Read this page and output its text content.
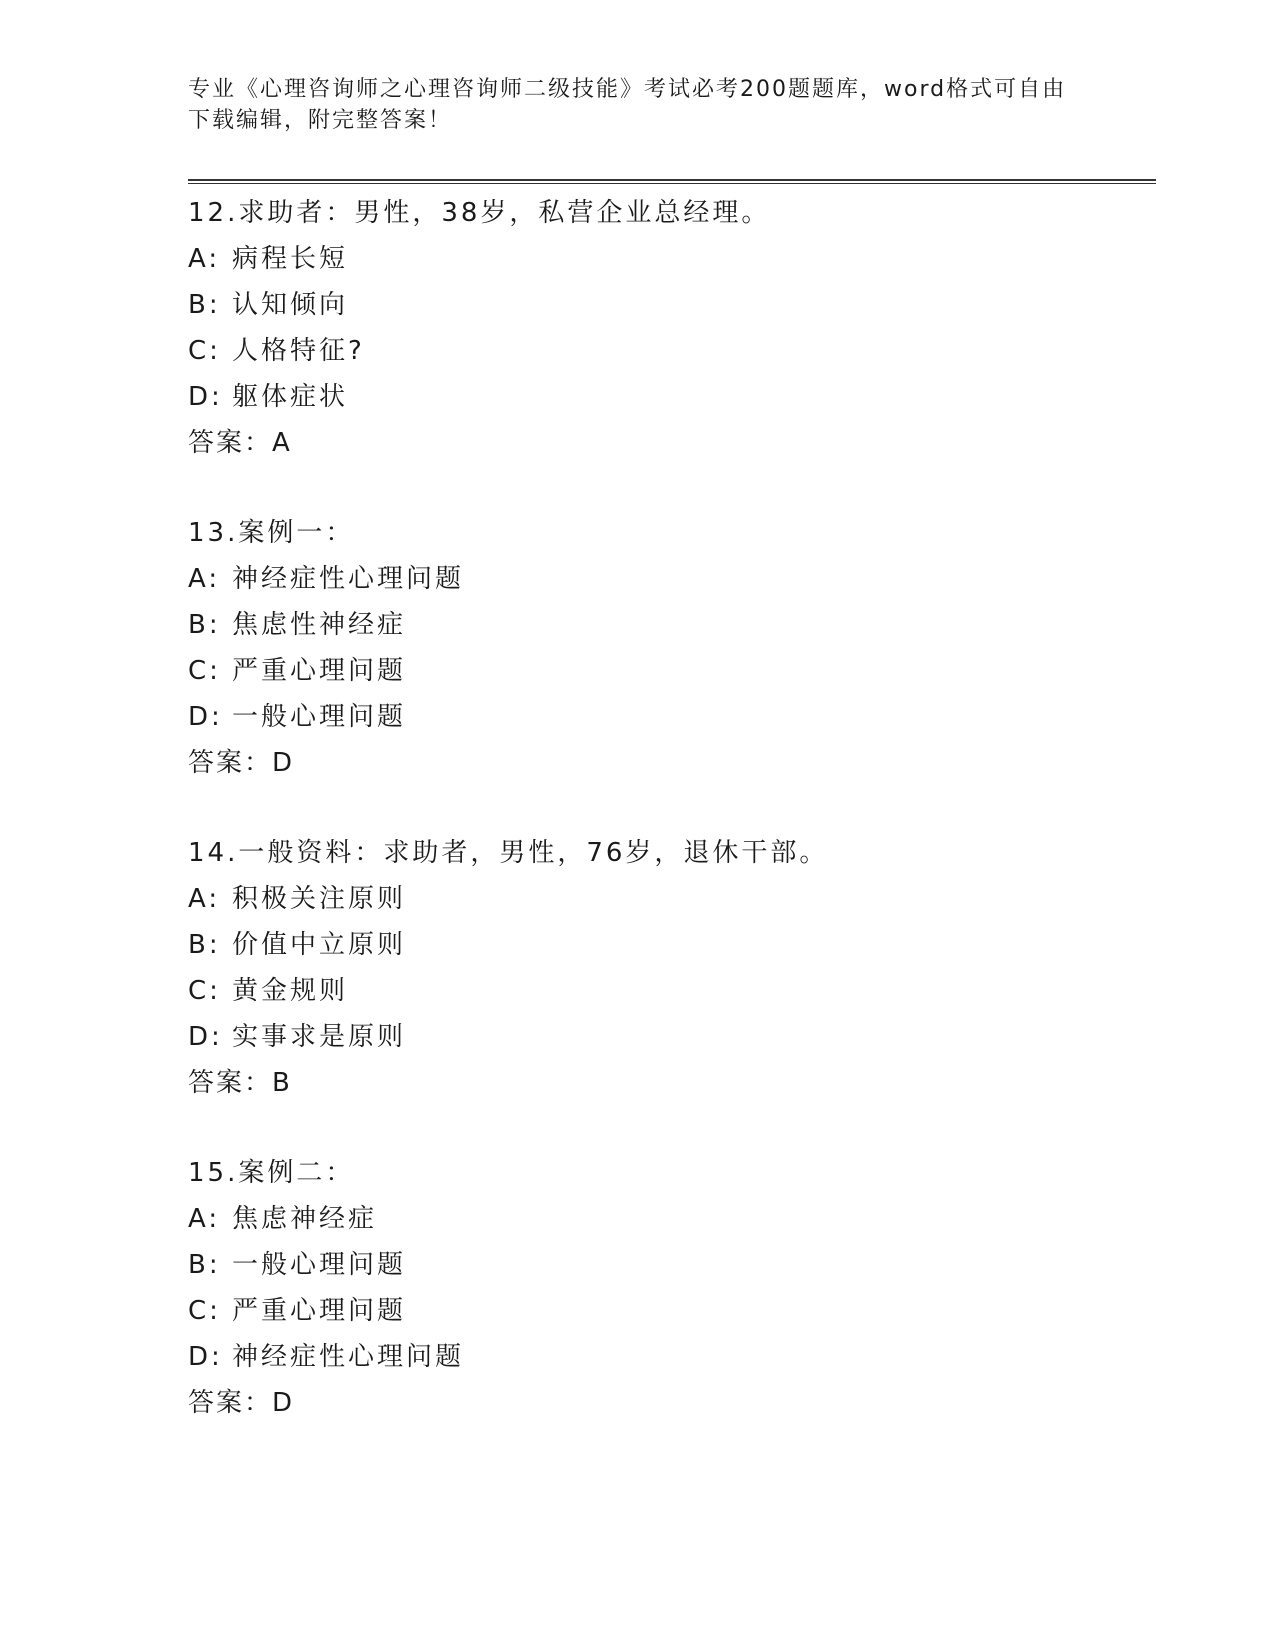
专业《心理咨询师之心理咨询师二级技能》考试必考200题题库，word格式可自由下载编辑，附完整答案！
12.求助者：男性，38岁，私营企业总经理。
A: 病程长短
B: 认知倾向
C: 人格特征?
D: 躯体症状
答案：A
13.案例一：
A: 神经症性心理问题
B: 焦虑性神经症
C: 严重心理问题
D: 一般心理问题
答案：D
14.一般资料：求助者，男性，76岁，退休干部。
A: 积极关注原则
B: 价值中立原则
C: 黄金规则
D: 实事求是原则
答案：B
15.案例二：
A: 焦虑神经症
B: 一般心理问题
C: 严重心理问题
D: 神经症性心理问题
答案：D
